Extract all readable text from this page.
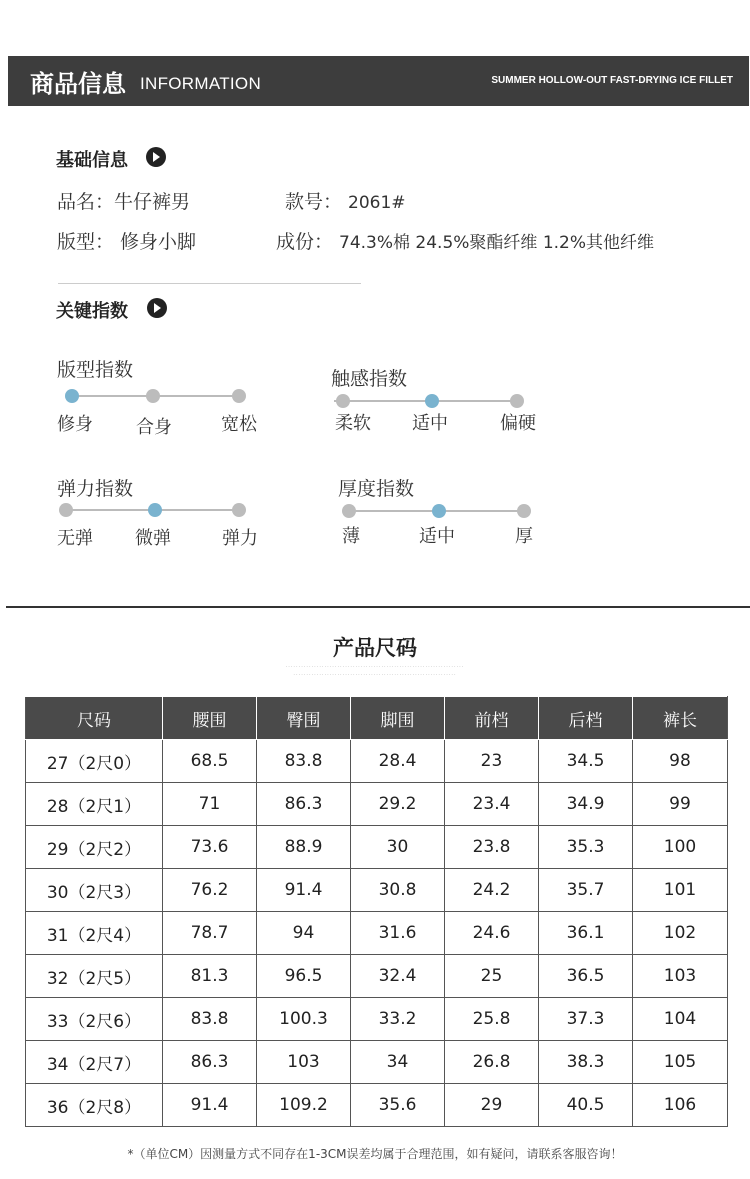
商品信息 INFORMATION	SUMMER HOLLOW-OUT FAST-DRYING ICE FILLET
基础信息
品名：牛仔裤男	款号： 2061#
版型： 修身小脚	成份： 74.3%棉 24.5%聚酯纤维 1.2%其他纤维
关键指数
版型指数
修身 合身	宽松
触感指数
柔软 适中	偏硬
弹力指数
无弹 微弹	弹力
厚度指数
薄	适中	厚
产品尺码
·····································································
·······························································
尺码	腰围	臀围	脚围	前档	后档	裤长
27（2尺0）	68.5	83.8	28.4	23	34.5	98
28（2尺1）	71	86.3	29.2	23.4	34.9	99
29（2尺2）	73.6	88.9	30	23.8	35.3	100
30（2尺3）	76.2	91.4	30.8	24.2	35.7	101
31（2尺4）	78.7	94	31.6	24.6	36.1	102
32（2尺5）	81.3	96.5	32.4	25	36.5	103
33（2尺6）	83.8	100.3	33.2	25.8	37.3	104
34（2尺7）	86.3	103	34	26.8	38.3	105
36（2尺8）	91.4	109.2	35.6	29	40.5	106
*（单位CM）因测量方式不同存在1-3CM误差均属于合理范围，如有疑问，请联系客服咨询！
